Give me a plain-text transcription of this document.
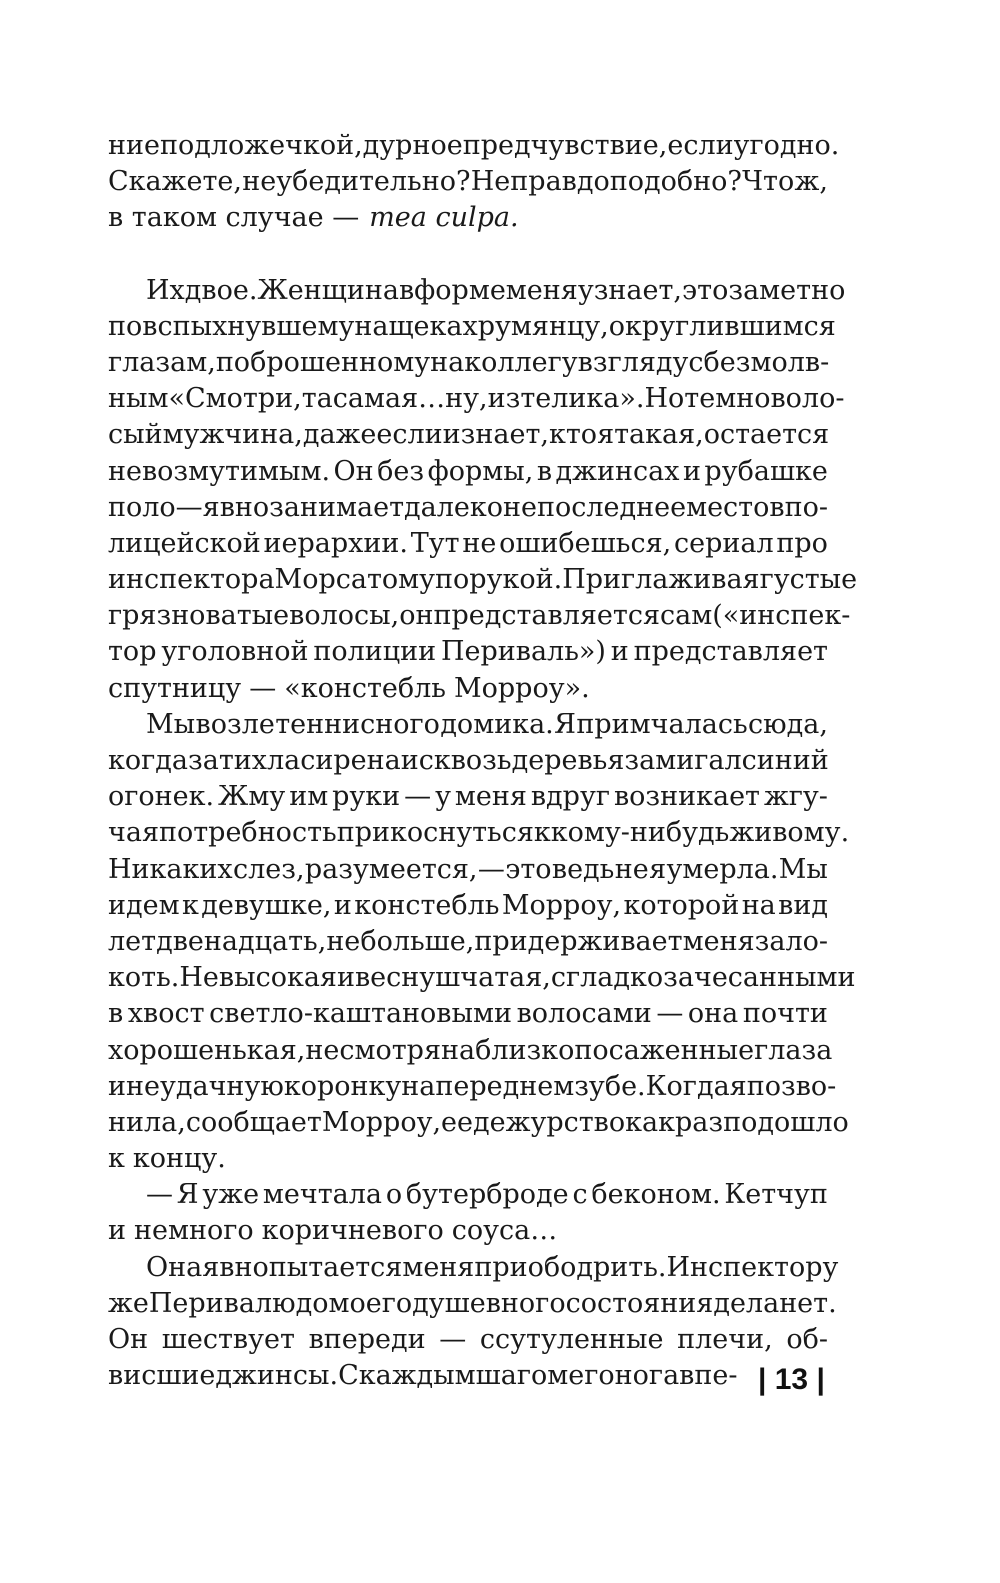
ние под ложечкой, дурное предчувствие, если угодно.
Скажете, неубедительно? Неправдоподобно? Что ж,
в таком случае — mea culpa.
Их двое. Женщина в форме меня узнает, это заметно
по вспыхнувшему на щеках румянцу, округлившимся
глазам, по брошенному на коллегу взгляду с безмолв-
ным «Смотри, та самая… ну, из телика». Но темноволо-
сый мужчина, даже если и знает, кто я такая, остается
невозмутимым. Он без формы, в джинсах и рубашке
поло — явно занимает далеко не последнее место в по-
лицейской иерархии. Тут не ошибешься, сериал про
инспектора Морса тому порукой. Приглаживая густые
грязноватые волосы, он представляется сам («инспек-
тор уголовной полиции Периваль») и представляет
спутницу — «констебль Морроу».
Мы возле теннисного домика. Я примчалась сюда,
когда затихла сирена и сквозь деревья замигал синий
огонек. Жму им руки — у меня вдруг возникает жгу-
чая потребность прикоснуться к кому-нибудь живому.
Никаких слез, разумеется, — это ведь не я умерла. Мы
идем к девушке, и констебль Морроу, которой на вид
лет двенадцать, не больше, придерживает меня за ло-
коть. Невысокая и веснушчатая, с гладко зачесанными
в хвост светло-каштановыми волосами — она почти
хорошенькая, несмотря на близко посаженные глаза
и неудачную коронку на переднем зубе. Когда я позво-
нила, сообщает Морроу, ее дежурство как раз подошло
к концу.
— Я уже мечтала о бутерброде с беконом. Кетчуп
и немного коричневого соуса…
Она явно пытается меня приободрить. Инспектору
же Перивалю до моего душевного состояния дела нет.
Он шествует впереди — ссутуленные плечи, об-
висшие джинсы. С каждым шагом его нога впе- | 13 |
